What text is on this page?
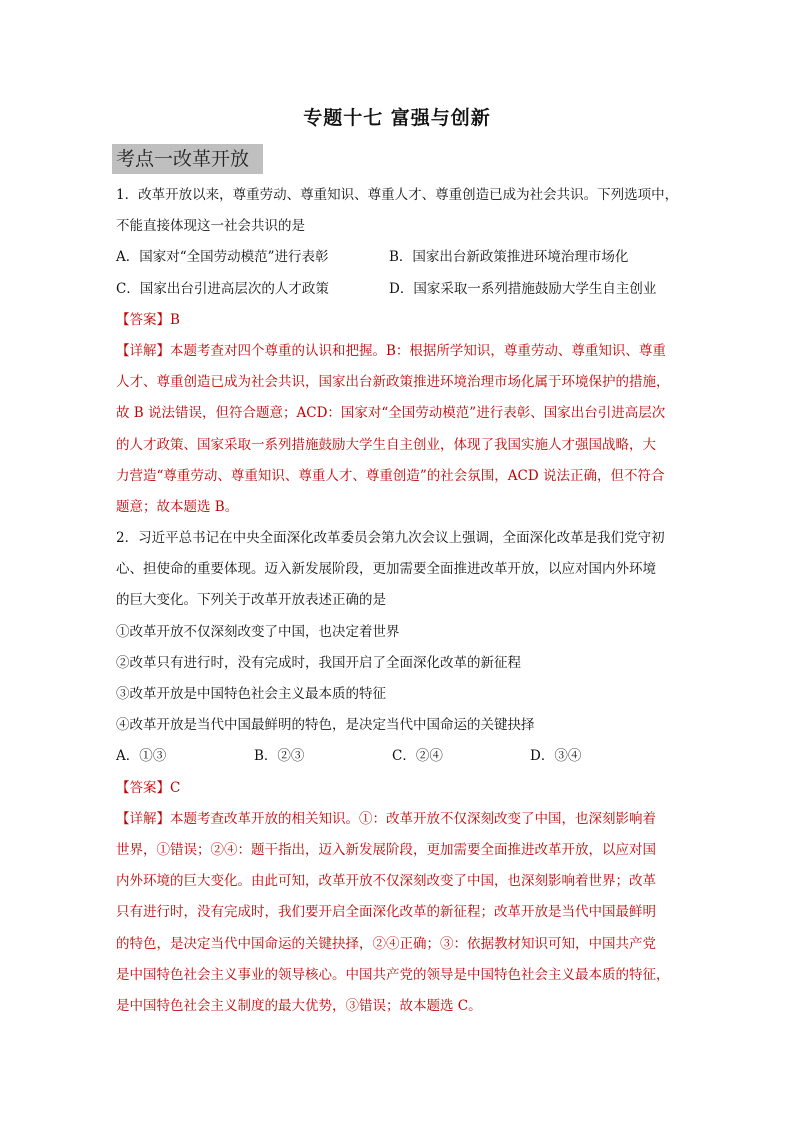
专题十七 富强与创新
考点一改革开放
1．改革开放以来，尊重劳动、尊重知识、尊重人才、尊重创造已成为社会共识。下列选项中，
不能直接体现这一社会共识的是
A．国家对“全国劳动模范”进行表彰	B．国家出台新政策推进环境治理市场化
C．国家出台引进高层次的人才政策	D．国家采取一系列措施鼓励大学生自主创业
【答案】B
【详解】本题考查对四个尊重的认识和把握。B：根据所学知识，尊重劳动、尊重知识、尊重
人才、尊重创造已成为社会共识，国家出台新政策推进环境治理市场化属于环境保护的措施，
故 B 说法错误，但符合题意；ACD：国家对“全国劳动模范”进行表彰、国家出台引进高层次
的人才政策、国家采取一系列措施鼓励大学生自主创业，体现了我国实施人才强国战略，大
力营造“尊重劳动、尊重知识、尊重人才、尊重创造”的社会氛围，ACD 说法正确，但不符合
题意；故本题选 B。
2．习近平总书记在中央全面深化改革委员会第九次会议上强调，全面深化改革是我们党守初
心、担使命的重要体现。迈入新发展阶段，更加需要全面推进改革开放，以应对国内外环境
的巨大变化。下列关于改革开放表述正确的是
①改革开放不仅深刻改变了中国，也决定着世界
②改革只有进行时，没有完成时，我国开启了全面深化改革的新征程
③改革开放是中国特色社会主义最本质的特征
④改革开放是当代中国最鲜明的特色，是决定当代中国命运的关键抉择
A．①③	B．②③	C．②④	D．③④
【答案】C
【详解】本题考查改革开放的相关知识。①：改革开放不仅深刻改变了中国，也深刻影响着
世界，①错误；②④：题干指出，迈入新发展阶段，更加需要全面推进改革开放，以应对国
内外环境的巨大变化。由此可知，改革开放不仅深刻改变了中国，也深刻影响着世界；改革
只有进行时，没有完成时，我们要开启全面深化改革的新征程；改革开放是当代中国最鲜明
的特色，是决定当代中国命运的关键抉择，②④正确；③：依据教材知识可知，中国共产党
是中国特色社会主义事业的领导核心。中国共产党的领导是中国特色社会主义最本质的特征，
是中国特色社会主义制度的最大优势，③错误；故本题选 C。
